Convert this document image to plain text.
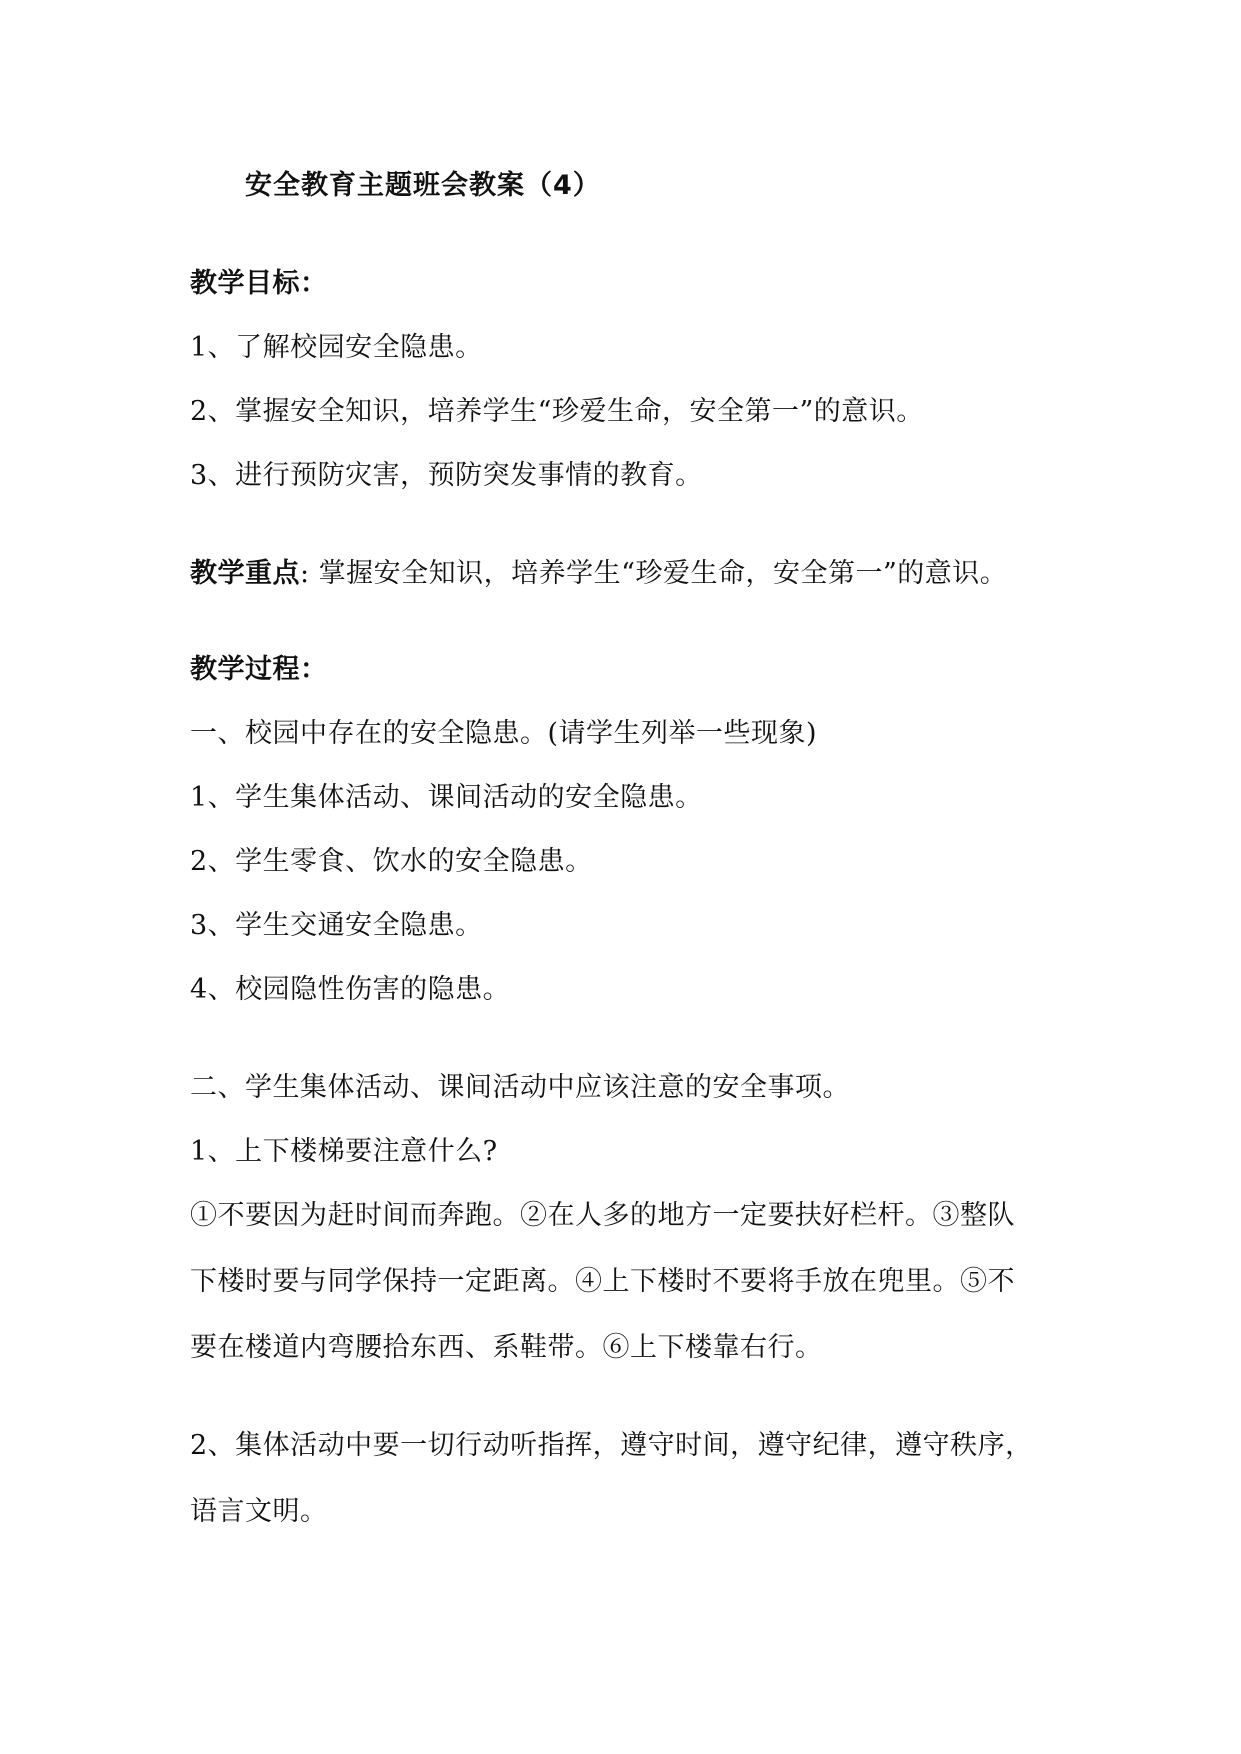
安全教育主题班会教案（4）
教学目标：
1、了解校园安全隐患。
2、掌握安全知识，培养学生“珍爱生命，安全第一”的意识。
3、进行预防灾害，预防突发事情的教育。
教学重点: 掌握安全知识，培养学生“珍爱生命，安全第一”的意识。
教学过程：
一、校园中存在的安全隐患。(请学生列举一些现象)
1、学生集体活动、课间活动的安全隐患。
2、学生零食、饮水的安全隐患。
3、学生交通安全隐患。
4、校园隐性伤害的隐患。
二、学生集体活动、课间活动中应该注意的安全事项。
1、上下楼梯要注意什么?
①不要因为赶时间而奔跑。②在人多的地方一定要扶好栏杆。③整队
下楼时要与同学保持一定距离。④上下楼时不要将手放在兜里。⑤不
要在楼道内弯腰拾东西、系鞋带。⑥上下楼靠右行。
2、集体活动中要一切行动听指挥，遵守时间，遵守纪律，遵守秩序，
语言文明。
